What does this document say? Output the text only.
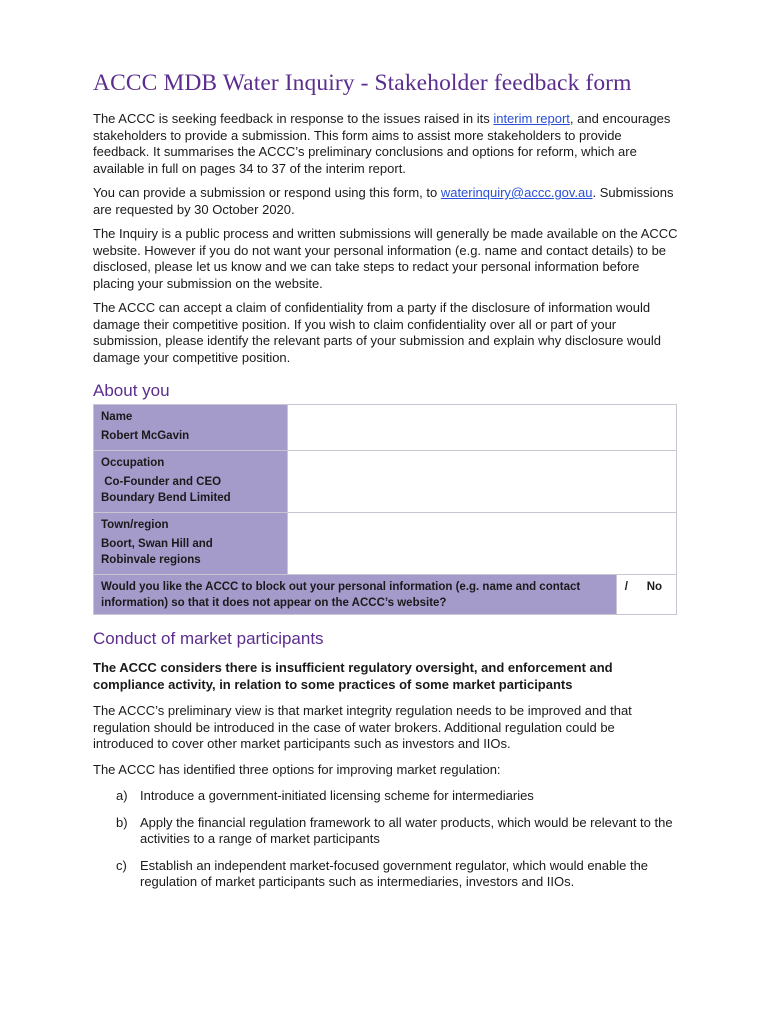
ACCC MDB Water Inquiry - Stakeholder feedback form

The ACCC is seeking feedback in response to the issues raised in its interim report, and encourages stakeholders to provide a submission. This form aims to assist more stakeholders to provide feedback. It summarises the ACCC’s preliminary conclusions and options for reform, which are available in full on pages 34 to 37 of the interim report.

You can provide a submission or respond using this form, to waterinquiry@accc.gov.au. Submissions are requested by 30 October 2020.

The Inquiry is a public process and written submissions will generally be made available on the ACCC website. However if you do not want your personal information (e.g. name and contact details) to be disclosed, please let us know and we can take steps to redact your personal information before placing your submission on the website.

The ACCC can accept a claim of confidentiality from a party if the disclosure of information would damage their competitive position. If you wish to claim confidentiality over all or part of your submission, please identify the relevant parts of your submission and explain why disclosure would damage your competitive position.

About you
Name
Robert McGavin		

Occupation
Co-Founder and CEO
Boundary Bend Limited		

Town/region
Boort, Swan Hill and
Robinvale regions		

Would you like the ACCC to block out your personal information (e.g. name and contact information) so that it does not appear on the ACCC’s website?		/ No
Conduct of market participants

The ACCC considers there is insufficient regulatory oversight, and enforcement and compliance activity, in relation to some practices of some market participants

The ACCC’s preliminary view is that market integrity regulation needs to be improved and that regulation should be introduced in the case of water brokers. Additional regulation could be introduced to cover other market participants such as investors and IIOs.

The ACCC has identified three options for improving market regulation:

a) Introduce a government-initiated licensing scheme for intermediaries
b) Apply the financial regulation framework to all water products, which would be relevant to the activities to a range of market participants
c) Establish an independent market-focused government regulator, which would enable the regulation of market participants such as intermediaries, investors and IIOs.
